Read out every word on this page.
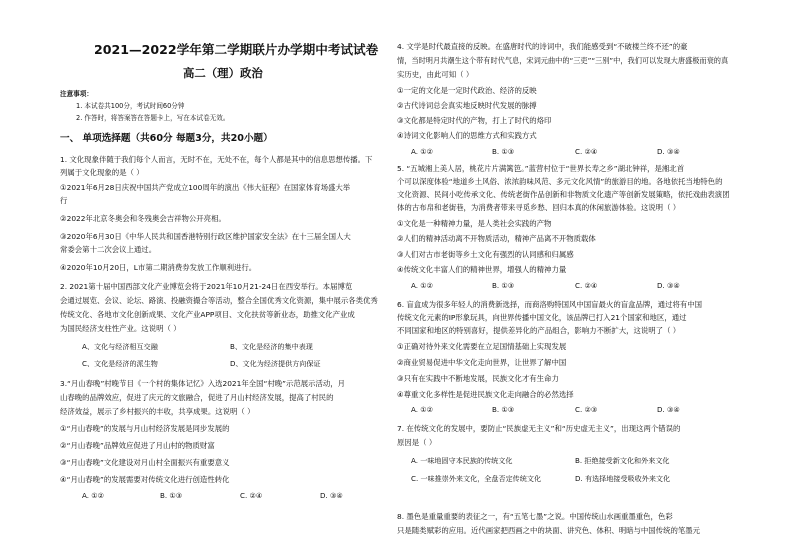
2021—2022学年第二学期联片办学期中考试试卷
高二（理）政治
注意事项：
1. 本试卷共100分，考试时间60分钟
2. 作答时，将答案答在答题卡上，写在本试卷无效。
一、 单项选择题（共60分 每题3分，共20小题）
1. 文化现象伴随于我们每个人而言，无时不在，无处不在，每个人都是其中的信息思想传播。下
列属于文化现象的是（ ）
①2021年6月28日庆祝中国共产党成立100周年的演出《伟大征程》在国家体育场盛大举
行
②2022年北京冬奥会和冬残奥会吉祥物公开亮相。
③2020年6月30日《中华人民共和国香港特别行政区维护国家安全法》在十三届全国人大
常委会第十二次会议上通过。
④2020年10月20日，L市第二期消费券发放工作顺利进行。
2. 2021第十届中国西部文化产业博览会将于2021年10月21-24日在西安举行。本届博览
会通过展览、会议、论坛、路演、投融资撮合等活动，整合全国优秀文化资源，集中展示各类优秀
传统文化、各地市文化创新成果、文化产业APP项目、文化扶贫等新业态，助推文化产业成
为国民经济支柱性产业。这说明（ ）
A、文化与经济相互交融	B、文化是经济的集中表现
C、文化是经济的派生物	D、文化为经济提供方向保证
3.“月山春晚”村晚节目《一个村的集体记忆》入选2021年全国“村晚”示范展示活动，月
山春晚的品牌效应，促进了庆元的文旅融合，促进了月山村经济发展，提高了村民的
经济效益，展示了乡村振兴的丰收，共享成果。这说明（ ）
①“月山春晚”的发展与月山村经济发展是同步发展的
②“月山春晚”品牌效应促进了月山村的物质财富
③“月山春晚”文化建设对月山村全面振兴有重要意义
④“月山春晚”的发展需要对传统文化进行创造性转化
A. ①②	B. ①③	C. ②④	D. ③④
4. 文学是时代最直接的反映。在盛唐时代的诗词中，我们能感受到“不破楼兰终不还”的豪
情，当时明月共潮生这个带有时代气息，宋词元曲中的“三吏”“三别”中，我们可以发现大唐盛极而衰的真
实历史，由此可知（ ）
①一定的文化是一定时代政治、经济的反映
②古代诗词总会真实地反映时代发展的脉搏
③文化都是特定时代的产物，打上了时代的烙印
④诗词文化影响人们的思维方式和实践方式
A. ①②	B. ①③	C. ②④	D. ③④
5. “五城湘上美人居，桃花片片满篱笆。”蓝营村位于“世界长寿之乡”湖北钟祥，是湘北首
个可以深度体验“地道乡土风俗、浓浓韵味风范、多元文化风情”的旅游目的地。各地依托当地特色的
文化资源、民间小吃传承文化、传统老街作品创新和非物质文化遗产等创新发展策略，依托戏曲表演团
体的古布帛和老街巷，为消费者带来寻觅乡愁、回归本真的休闲旅游体验。这说明（ ）
①文化是一种精神力量，是人类社会实践的产物
②人们的精神活动离不开物质活动，精神产品离不开物质载体
③人们对古市老街等乡土文化有强烈的认同感和归属感
④传统文化丰富人们的精神世界，增强人的精神力量
A. ①②	B. ①③	C. ②④	D. ③④
6. 盲盒成为很多年轻人的消费新选择，而商洛购特国风中国盲最火的盲盒品牌，通过将有中国
传统文化元素的IP形象玩具，向世界传播中国文化，该品牌已打入21个国家和地区，通过
不同国家和地区的特别喜好，提供差异化的产品组合，影响力不断扩大，这说明了（ ）
①正确对待外来文化需要在立足国情基础上实现发展
②商业贸易促进中华文化走向世界，让世界了解中国
③只有在实践中不断地发展，民族文化才有生命力
④尊重文化多样性是促进民族文化走向融合的必然选择
A. ①②	B. ①③	C. ②③	D. ③④
7. 在传统文化的发展中，要防止“民族虚无主义”和“历史虚无主义”，出现这两个错误的
原因是（ ）
A. 一味地固守本民族的传统文化	B. 拒绝接受新文化和外来文化
C. 一味推崇外来文化，全盘否定传统文化	D. 有选择地接受吸收外来文化
8. 墨色是重量重要的表征之一，有“五笔七墨”之说。中国传统山水画重墨重色，色彩
只是随类赋彩的应用。近代画家把西画之中的块面、讲究色、体积、明暗与中国传统的笔墨元
